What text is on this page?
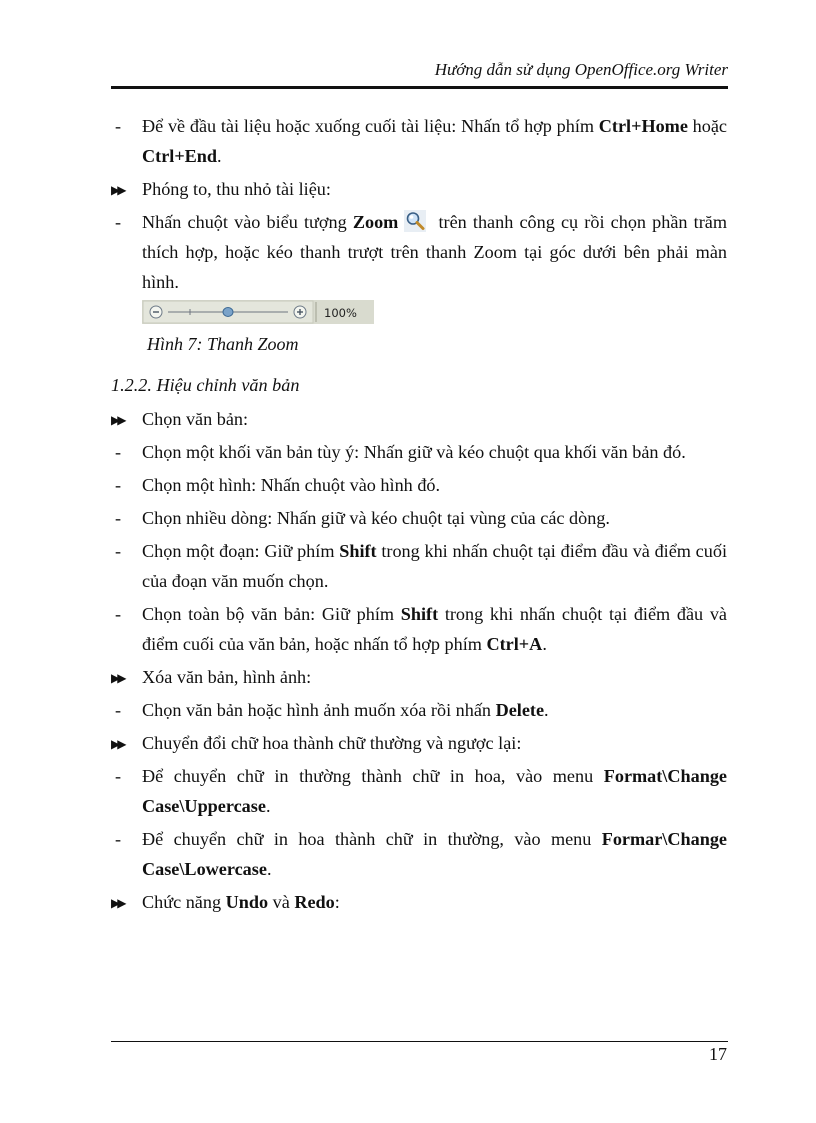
Hướng dẫn sử dụng OpenOffice.org Writer
- Để về đầu tài liệu hoặc xuống cuối tài liệu: Nhấn tổ hợp phím Ctrl+Home hoặc Ctrl+End.
▶▶ Phóng to, thu nhỏ tài liệu:
- Nhấn chuột vào biểu tượng Zoom trên thanh công cụ rồi chọn phần trăm thích hợp, hoặc kéo thanh trượt trên thanh Zoom tại góc dưới bên phải màn hình.
100%
Hình 7: Thanh Zoom
1.2.2. Hiệu chỉnh văn bản
▶▶ Chọn văn bản:
- Chọn một khối văn bản tùy ý: Nhấn giữ và kéo chuột qua khối văn bản đó.
- Chọn một hình: Nhấn chuột vào hình đó.
- Chọn nhiều dòng: Nhấn giữ và kéo chuột tại vùng của các dòng.
- Chọn một đoạn: Giữ phím Shift trong khi nhấn chuột tại điểm đầu và điểm cuối của đoạn văn muốn chọn.
- Chọn toàn bộ văn bản: Giữ phím Shift trong khi nhấn chuột tại điểm đầu và điểm cuối của văn bản, hoặc nhấn tổ hợp phím Ctrl+A.
▶▶ Xóa văn bản, hình ảnh:
- Chọn văn bản hoặc hình ảnh muốn xóa rồi nhấn Delete.
▶▶ Chuyển đổi chữ hoa thành chữ thường và ngược lại:
- Để chuyển chữ in thường thành chữ in hoa, vào menu Format\Change Case\Uppercase.
- Để chuyển chữ in hoa thành chữ in thường, vào menu Formar\Change Case\Lowercase.
▶▶ Chức năng Undo và Redo:
17
